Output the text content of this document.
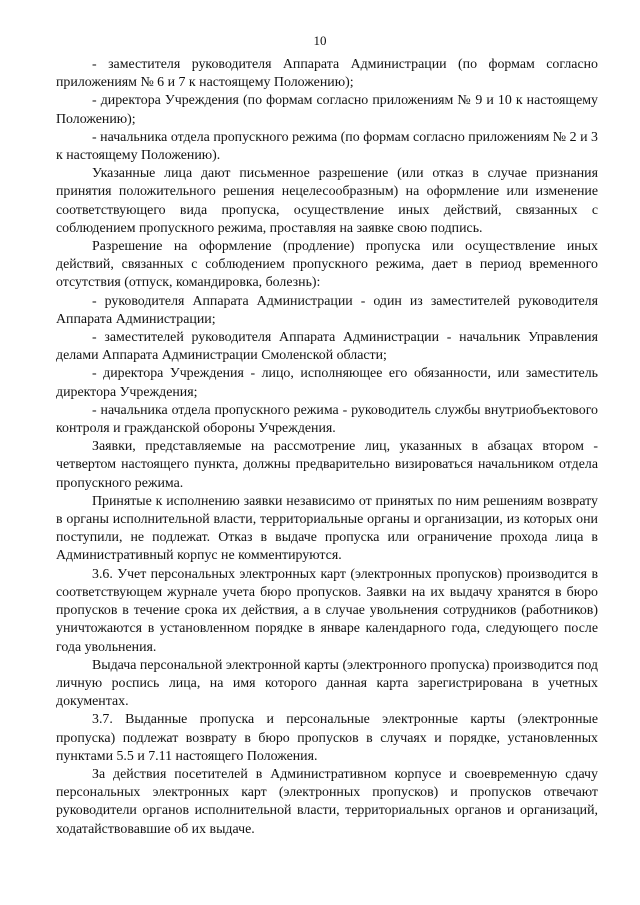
10

- заместителя руководителя Аппарата Администрации (по формам согласно приложениям № 6 и 7 к настоящему Положению);

- директора Учреждения (по формам согласно приложениям № 9 и 10 к настоящему Положению);

- начальника отдела пропускного режима (по формам согласно приложениям № 2 и 3 к настоящему Положению).

Указанные лица дают письменное разрешение (или отказ в случае признания принятия положительного решения нецелесообразным) на оформление или изменение соответствующего вида пропуска, осуществление иных действий, связанных с соблюдением пропускного режима, проставляя на заявке свою подпись.

Разрешение на оформление (продление) пропуска или осуществление иных действий, связанных с соблюдением пропускного режима, дает в период временного отсутствия (отпуск, командировка, болезнь):

- руководителя Аппарата Администрации - один из заместителей руководителя Аппарата Администрации;

- заместителей руководителя Аппарата Администрации - начальник Управления делами Аппарата Администрации Смоленской области;

- директора Учреждения - лицо, исполняющее его обязанности, или заместитель директора Учреждения;

- начальника отдела пропускного режима - руководитель службы внутриобъектового контроля и гражданской обороны Учреждения.

Заявки, представляемые на рассмотрение лиц, указанных в абзацах втором - четвертом настоящего пункта, должны предварительно визироваться начальником отдела пропускного режима.

Принятые к исполнению заявки независимо от принятых по ним решениям возврату в органы исполнительной власти, территориальные органы и организации, из которых они поступили, не подлежат. Отказ в выдаче пропуска или ограничение прохода лица в Административный корпус не комментируются.

3.6. Учет персональных электронных карт (электронных пропусков) производится в соответствующем журнале учета бюро пропусков. Заявки на их выдачу хранятся в бюро пропусков в течение срока их действия, а в случае увольнения сотрудников (работников) уничтожаются в установленном порядке в январе календарного года, следующего после года увольнения.

Выдача персональной электронной карты (электронного пропуска) производится под личную роспись лица, на имя которого данная карта зарегистрирована в учетных документах.

3.7. Выданные пропуска и персональные электронные карты (электронные пропуска) подлежат возврату в бюро пропусков в случаях и порядке, установленных пунктами 5.5 и 7.11 настоящего Положения.

За действия посетителей в Административном корпусе и своевременную сдачу персональных электронных карт (электронных пропусков) и пропусков отвечают руководители органов исполнительной власти, территориальных органов и организаций, ходатайствовавшие об их выдаче.
